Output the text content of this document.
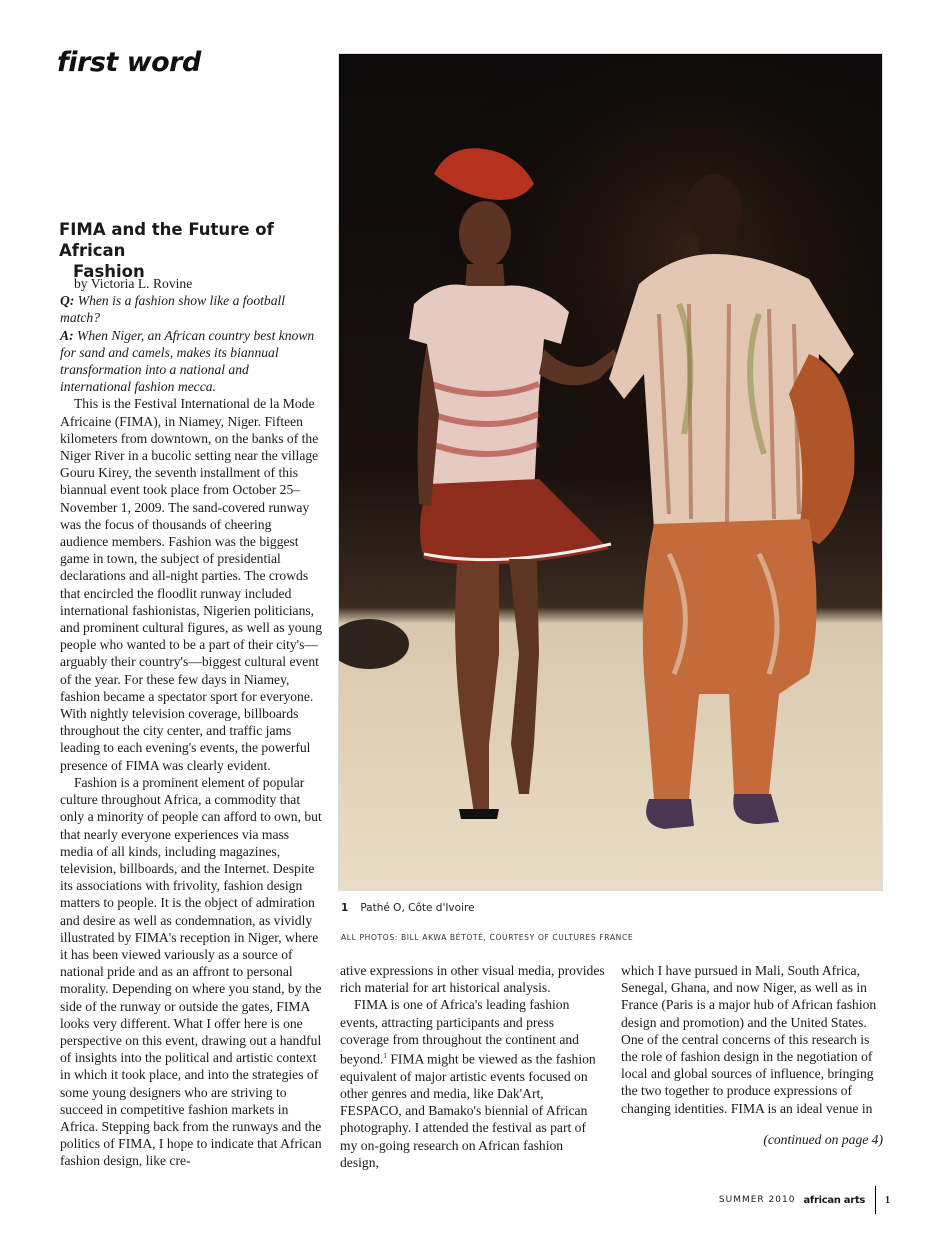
first word
FIMA and the Future of African
Fashion

by Victoria L. Rovine

Q: When is a fashion show like a football match?

A: When Niger, an African country best known for sand and camels, makes its biannual transformation into a national and international fashion mecca.

This is the Festival International de la Mode Africaine (FIMA), in Niamey, Niger. Fifteen kilometers from downtown, on the banks of the Niger River in a bucolic setting near the village Gouru Kirey, the seventh installment of this biannual event took place from October 25–November 1, 2009. The sand-covered runway was the focus of thousands of cheering audience members. Fashion was the biggest game in town, the subject of presidential declarations and all-night parties. The crowds that encircled the floodlit runway included international fashionistas, Nigerien politicians, and prominent cultural figures, as well as young people who wanted to be a part of their city's—arguably their country's—biggest cultural event of the year. For these few days in Niamey, fashion became a spectator sport for everyone. With nightly television coverage, billboards throughout the city center, and traffic jams leading to each evening's events, the powerful presence of FIMA was clearly evident.

Fashion is a prominent element of popular culture throughout Africa, a commodity that only a minority of people can afford to own, but that nearly everyone experiences via mass media of all kinds, including magazines, television, billboards, and the Internet. Despite its associations with frivolity, fashion design matters to people. It is the object of admiration and desire as well as condemnation, as vividly illustrated by FIMA's reception in Niger, where it has been viewed variously as a source of national pride and as an affront to personal morality. Depending on where you stand, by the side of the runway or outside the gates, FIMA looks very different. What I offer here is one perspective on this event, drawing out a handful of insights into the political and artistic context in which it took place, and into the strategies of some young designers who are striving to succeed in competitive fashion markets in Africa. Stepping back from the runways and the politics of FIMA, I hope to indicate that African fashion design, like cre-

1 Pathé O, Côte d'Ivoire
ALL PHOTOS: BILL AKWA BÉTOTÉ, COURTESY OF CULTURES FRANCE

ative expressions in other visual media, provides rich material for art historical analysis.

FIMA is one of Africa's leading fashion events, attracting participants and press coverage from throughout the continent and beyond.$^1$ FIMA might be viewed as the fashion equivalent of major artistic events focused on other genres and media, like Dak'Art, FESPACO, and Bamako's biennial of African photography. I attended the festival as part of my on-going research on African fashion design,

which I have pursued in Mali, South Africa, Senegal, Ghana, and now Niger, as well as in France (Paris is a major hub of African fashion design and promotion) and the United States. One of the central concerns of this research is the role of fashion design in the negotiation of local and global sources of influence, bringing the two together to produce expressions of changing identities. FIMA is an ideal venue in

(continued on page 4)
SUMMER 2010 african arts 1
